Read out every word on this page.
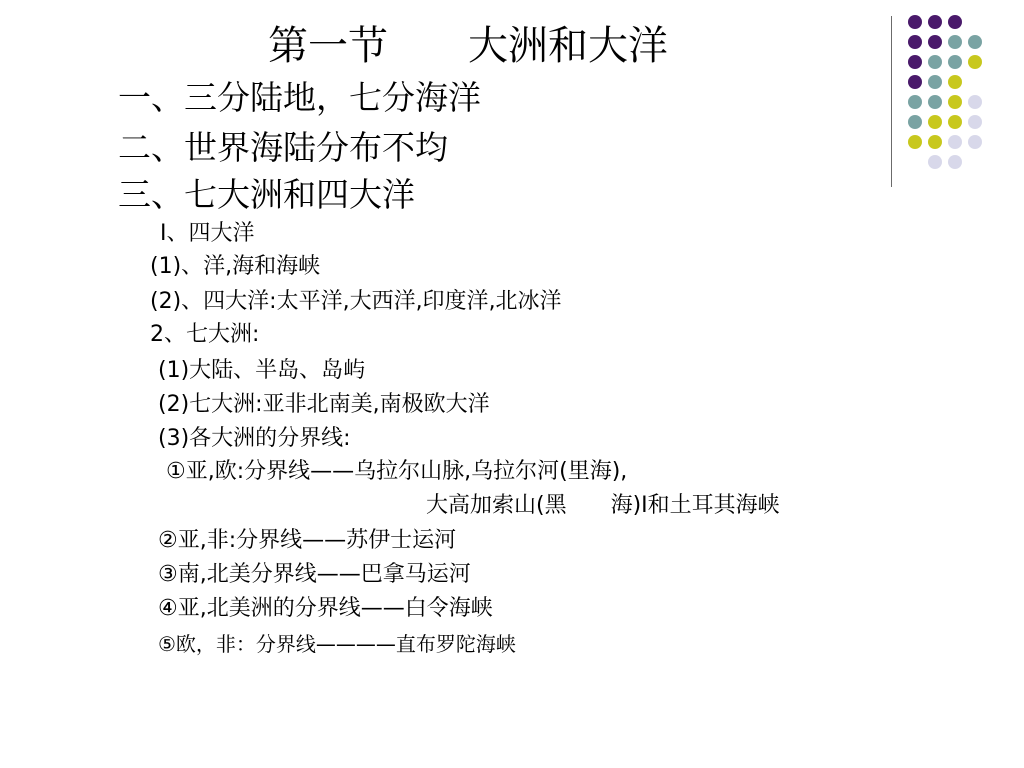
第一节　　大洲和大洋
一、三分陆地，七分海洋
二、世界海陆分布不均
三、七大洲和四大洋
I、四大洋
(1)、洋,海和海峡
(2)、四大洋:太平洋,大西洋,印度洋,北冰洋
2、七大洲:
(1)大陆、半岛、岛屿
(2)七大洲:亚非北南美,南极欧大洋
(3)各大洲的分界线:
①亚,欧:分界线——乌拉尔山脉,乌拉尔河(里海),
大高加索山(黑　　海)I和土耳其海峡
②亚,非:分界线——苏伊士运河
③南,北美分界线——巴拿马运河
④亚,北美洲的分界线——白令海峡
⑤欧，非：分界线————直布罗陀海峡
